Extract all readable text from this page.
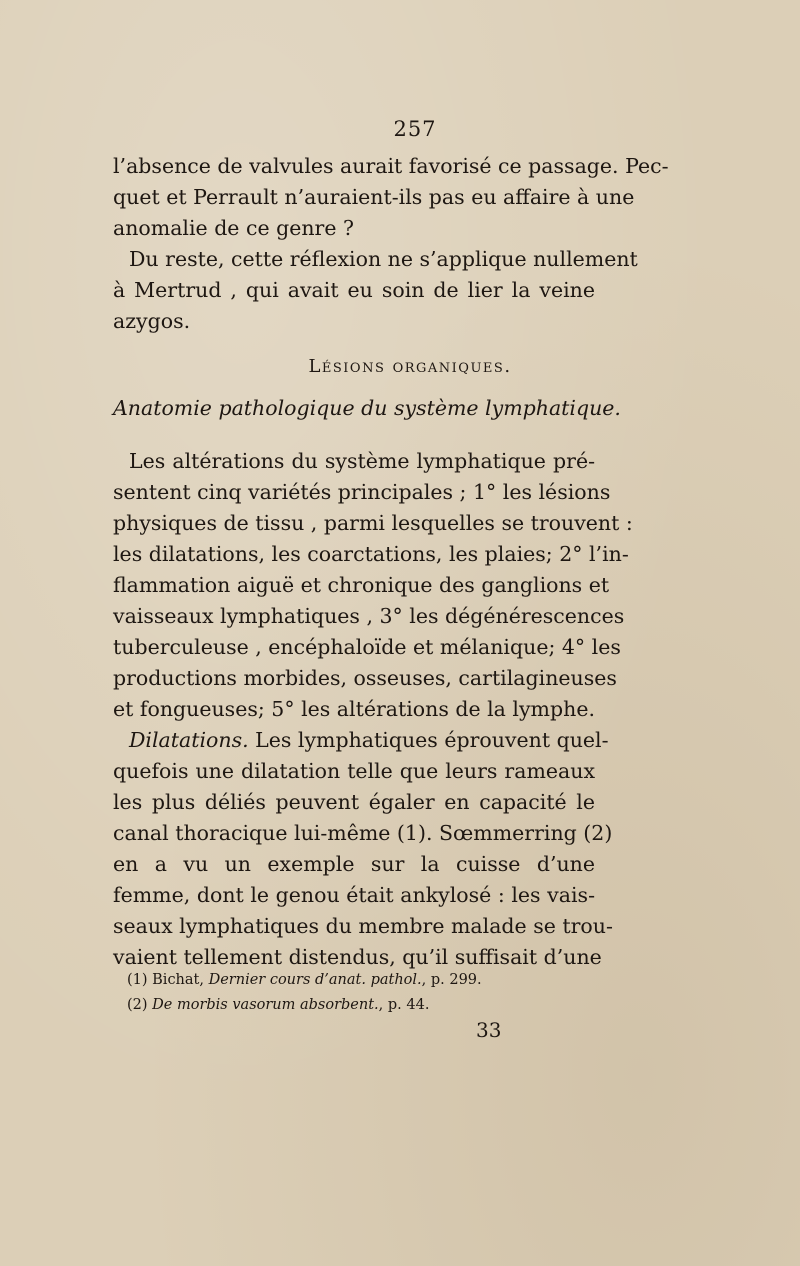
257
l’absence de valvules aurait favorisé ce passage. Pec-
quet et Perrault n’auraient-ils pas eu affaire à une
anomalie de ce genre ?
Du reste, cette réflexion ne s’applique nullement
à Mertrud , qui avait eu soin de lier la veine
azygos.
Lésions organiques.
Anatomie pathologique du système lymphatique.
Les altérations du système lymphatique pré-
sentent cinq variétés principales ; 1° les lésions
physiques de tissu , parmi lesquelles se trouvent :
les dilatations, les coarctations, les plaies; 2° l’in-
flammation aiguë et chronique des ganglions et
vaisseaux lymphatiques , 3° les dégénérescences
tuberculeuse , encéphaloïde et mélanique; 4° les
productions morbides, osseuses, cartilagineuses
et fongueuses; 5° les altérations de la lymphe.
Dilatations. Les lymphatiques éprouvent quel-
quefois une dilatation telle que leurs rameaux
les plus déliés peuvent égaler en capacité le
canal thoracique lui-même (1). Sœmmerring (2)
en a vu un exemple sur la cuisse d’une
femme, dont le genou était ankylosé : les vais-
seaux lymphatiques du membre malade se trou-
vaient tellement distendus, qu’il suffisait d’une
(1) Bichat, Dernier cours d’anat. pathol., p. 299.
(2) De morbis vasorum absorbent., p. 44.
33
